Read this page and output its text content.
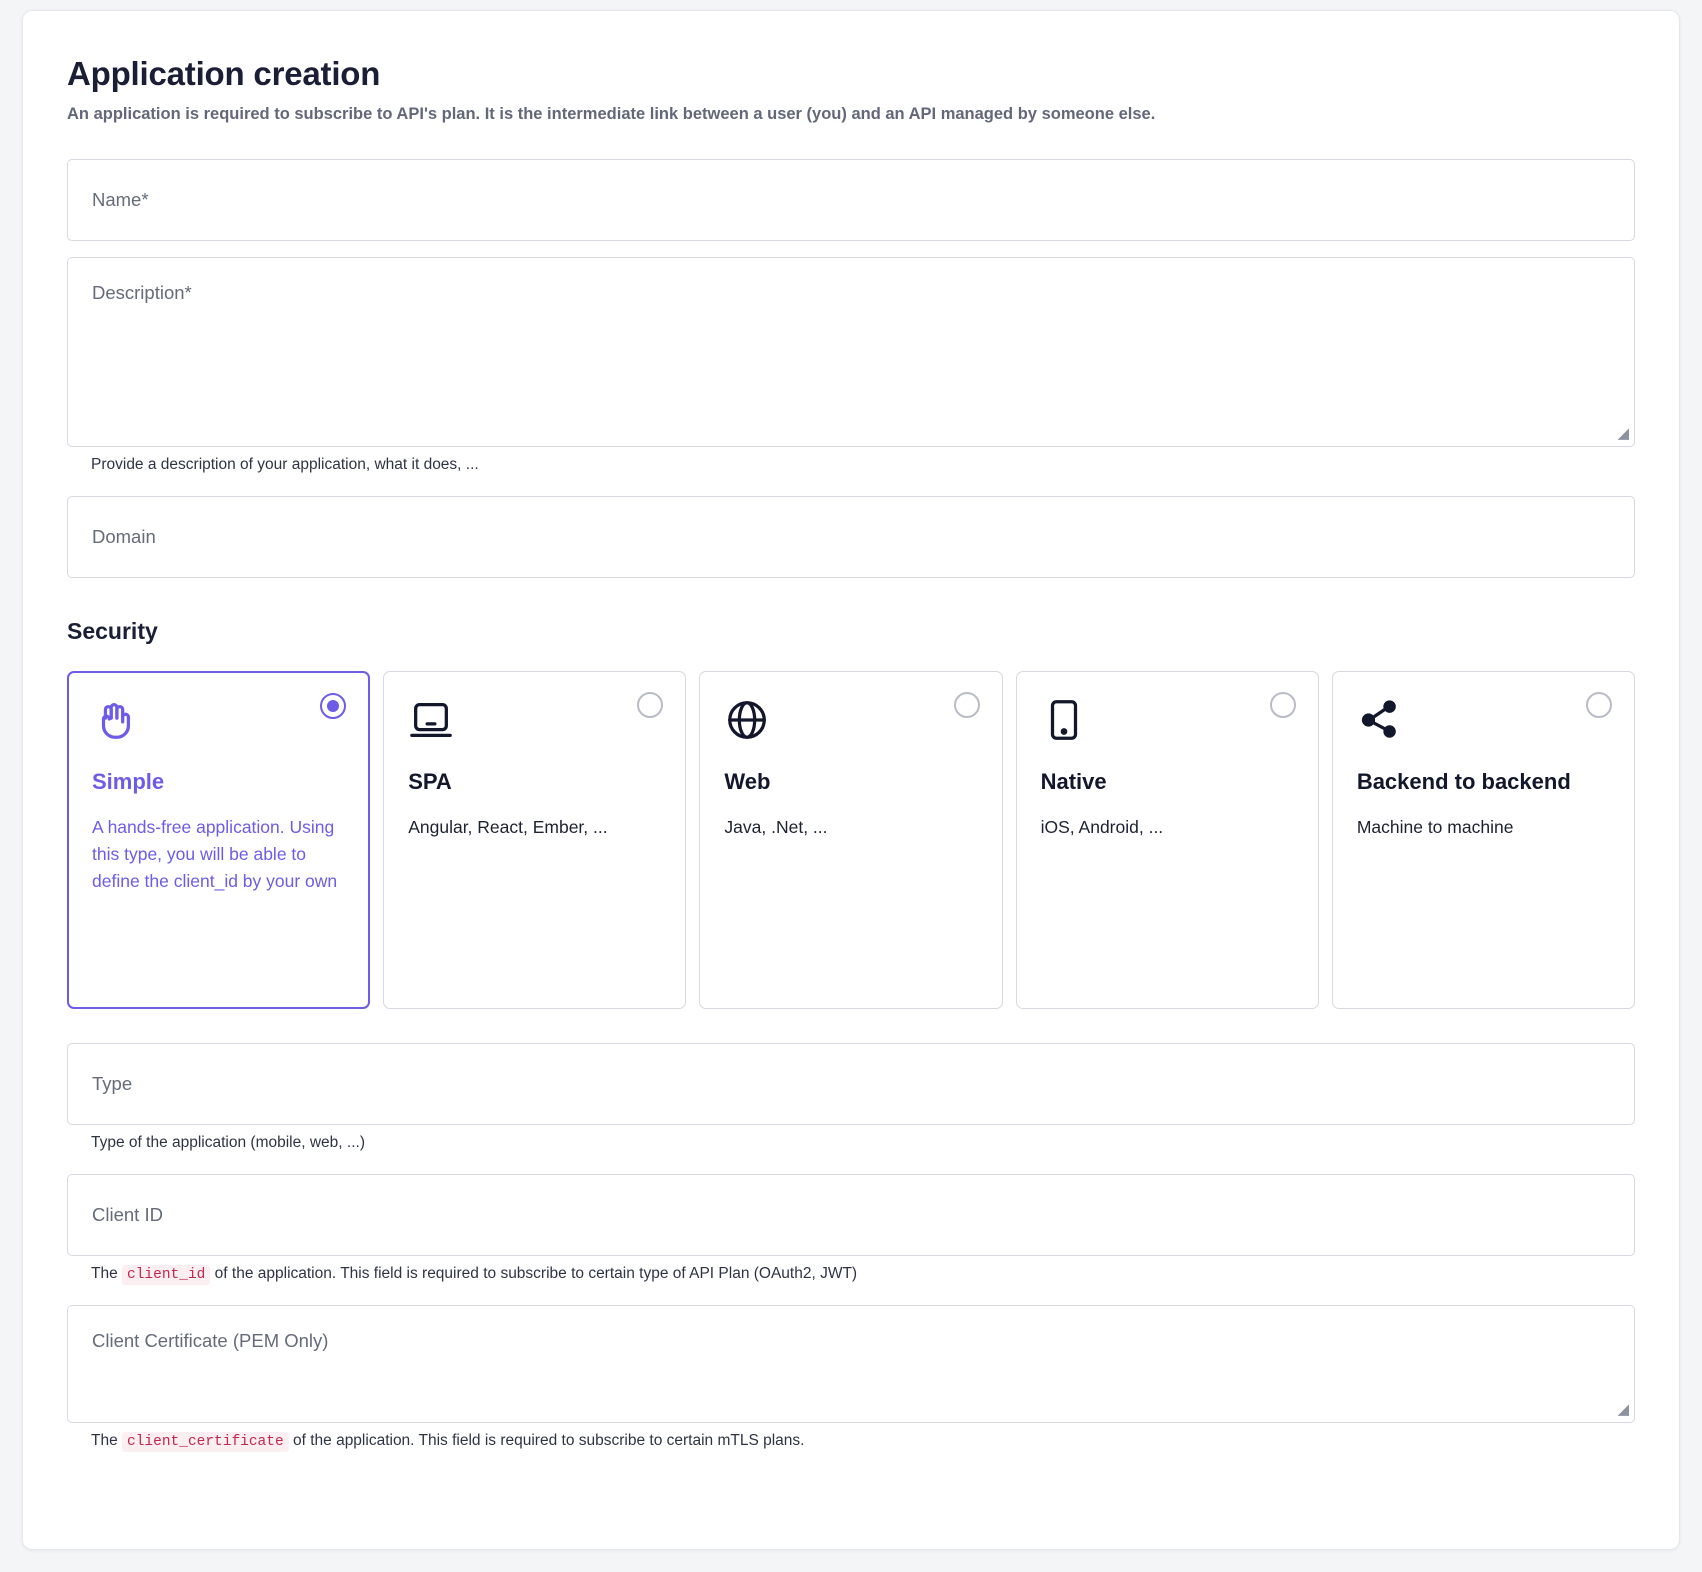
Application creation

An application is required to subscribe to API's plan. It is the intermediate link between a user (you) and an API managed by someone else.

Name*
Description*
◢
Provide a description of your application, what it does, ...
Domain
Security
Simple
A hands-free application. Using this type, you will be able to define the client_id by your own
SPA
Angular, React, Ember, ...
Web
Java, .Net, ...
Native
iOS, Android, ...
Backend to backend
Machine to machine
Type
Type of the application (mobile, web, ...)
Client ID
The client_id of the application. This field is required to subscribe to certain type of API Plan (OAuth2, JWT)
Client Certificate (PEM Only)
◢
The client_certificate of the application. This field is required to subscribe to certain mTLS plans.
